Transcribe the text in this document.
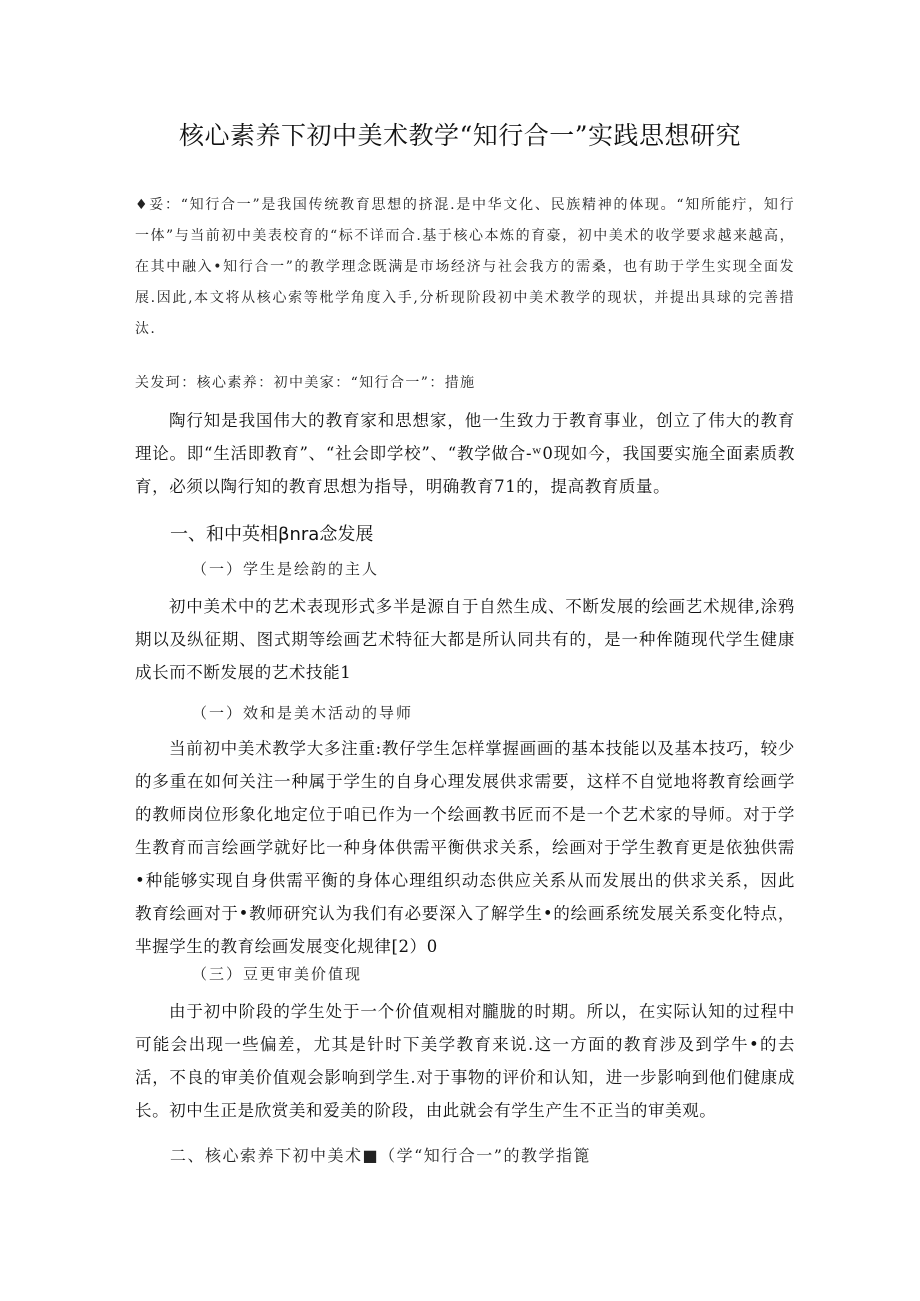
核心素养下初中美术教学“知行合一”实践思想研究
♦妥：“知行合一”是我国传统教育思想的挤混.是中华文化、民族精神的体现。“知所能疔，知行一体”与当前初中美表校育的“标不详而合.基于核心本炼的育豪，初中美术的收学要求越来越高，在其中融入•知行合一”的教学理念既满是市场经济与社会我方的需桑，也有助于学生实现全面发展.因此,本文将从核心索等枇学角度入手,分析现阶段初中美术教学的现状，并提出具球的完善措汰.
关发珂：核心素养：初中美家：“知行合一”：措施
陶行知是我国伟大的教育家和思想家，他一生致力于教育事业，创立了伟大的教育理论。即“生活即教育”、“社会即学校”、“教学做合-ʷ0现如今，我国要实施全面素质教育，必须以陶行知的教育思想为指导，明确教育71的，提高教育质量。
一、和中英相βnra念发展
（一）学生是绘韵的主人
初中美术中的艺术表现形式多半是源自于自然生成、不断发展的绘画艺术规律,涂鸦期以及纵征期、图式期等绘画艺术特征大都是所认同共有的，是一种侔随现代学生健康成长而不断发展的艺术技能1
（一）效和是美木活动的导师
当前初中美术教学大多注重:教仔学生怎样掌握画画的基本技能以及基本技巧，较少的多重在如何关注一种属于学生的自身心理发展供求需要，这样不自觉地将教育绘画学的教师岗位形象化地定位于咱已作为一个绘画教书匠而不是一个艺术家的导师。对于学生教育而言绘画学就好比一种身体供需平衡供求关系，绘画对于学生教育更是依独供需•种能够实现自身供需平衡的身体心理组织动态供应关系从而发展出的供求关系，因此教育绘画对于•教师研究认为我们有必要深入了解学生•的绘画系统发展关系变化特点，芈握学生的教育绘画发展变化规律[2）0
（三）豆更审美价值现
由于初中阶段的学生处于一个价值观相对朧胧的时期。所以，在实际认知的过程中可能会出现一些偏差，尤其是针时下美学教育来说.这一方面的教育涉及到学牛•的去活，不良的审美价值观会影响到学生.对于事物的评价和认知，进一步影响到他们健康成长。初中生正是欣赏美和爱美的阶段，由此就会有学生产生不正当的审美观。
二、核心索养下初中美术■（学“知行合一”的教学指篦
